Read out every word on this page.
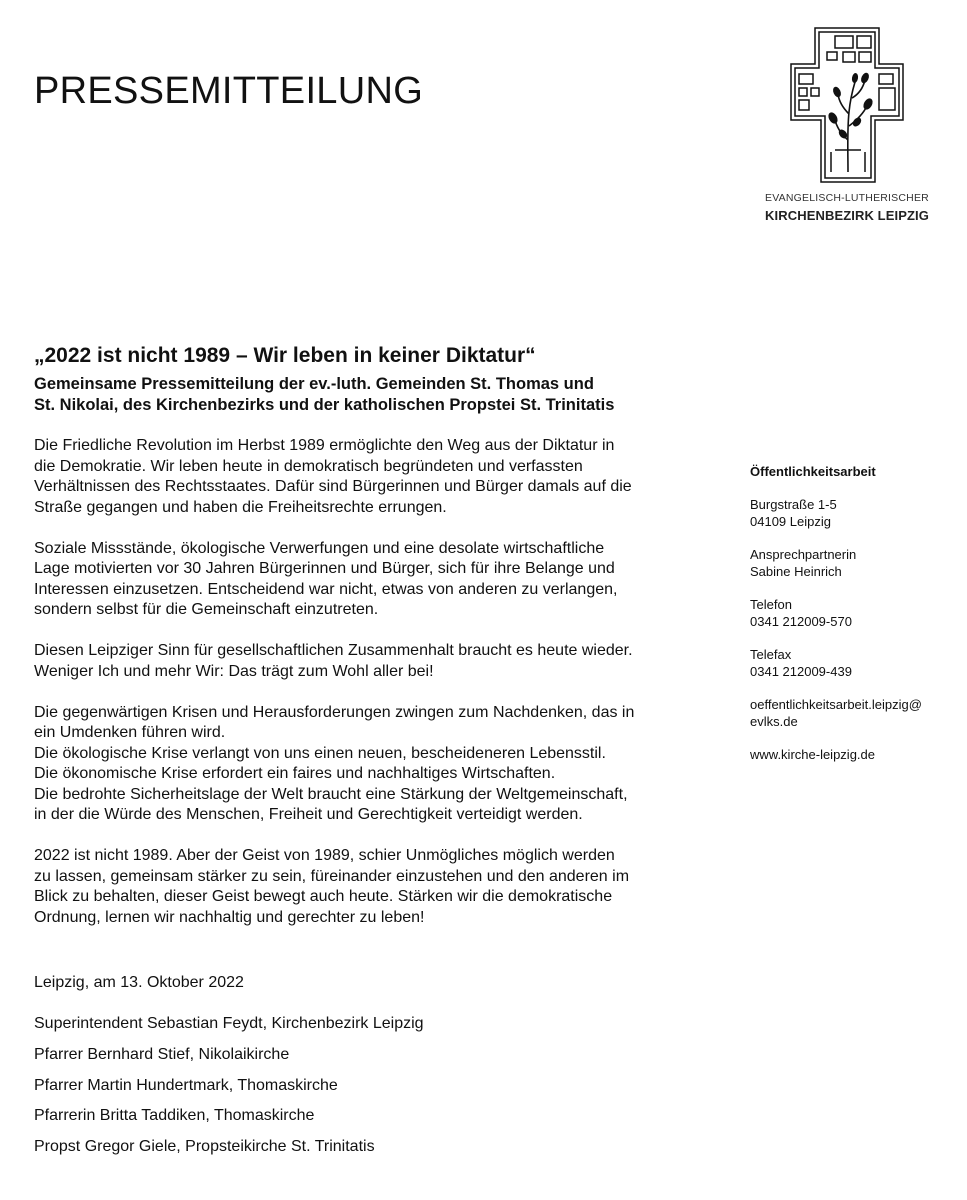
PRESSEMITTEILUNG
EVANGELISCH-LUTHERISCHER
KIRCHENBEZIRK LEIPZIG
„2022 ist nicht 1989 – Wir leben in keiner Diktatur“
Gemeinsame Pressemitteilung der ev.-luth. Gemeinden St. Thomas und
St. Nikolai, des Kirchenbezirks und der katholischen Propstei St. Trinitatis

Die Friedliche Revolution im Herbst 1989 ermöglichte den Weg aus der Diktatur in
die Demokratie. Wir leben heute in demokratisch begründeten und verfassten
Verhältnissen des Rechtsstaates. Dafür sind Bürgerinnen und Bürger damals auf die
Straße gegangen und haben die Freiheitsrechte errungen.

Soziale Missstände, ökologische Verwerfungen und eine desolate wirtschaftliche
Lage motivierten vor 30 Jahren Bürgerinnen und Bürger, sich für ihre Belange und
Interessen einzusetzen. Entscheidend war nicht, etwas von anderen zu verlangen,
sondern selbst für die Gemeinschaft einzutreten.

Diesen Leipziger Sinn für gesellschaftlichen Zusammenhalt braucht es heute wieder.
Weniger Ich und mehr Wir: Das trägt zum Wohl aller bei!

Die gegenwärtigen Krisen und Herausforderungen zwingen zum Nachdenken, das in
ein Umdenken führen wird.
Die ökologische Krise verlangt von uns einen neuen, bescheideneren Lebensstil.
Die ökonomische Krise erfordert ein faires und nachhaltiges Wirtschaften.
Die bedrohte Sicherheitslage der Welt braucht eine Stärkung der Weltgemeinschaft,
in der die Würde des Menschen, Freiheit und Gerechtigkeit verteidigt werden.

2022 ist nicht 1989. Aber der Geist von 1989, schier Unmögliches möglich werden
zu lassen, gemeinsam stärker zu sein, füreinander einzustehen und den anderen im
Blick zu behalten, dieser Geist bewegt auch heute. Stärken wir die demokratische
Ordnung, lernen wir nachhaltig und gerechter zu leben!

Öffentlichkeitsarbeit
Burgstraße 1-5
04109 Leipzig
Ansprechpartnerin
Sabine Heinrich
Telefon
0341 212009-570
Telefax
0341 212009-439
oeffentlichkeitsarbeit.leipzig@
evlks.de
www.kirche-leipzig.de
Leipzig, am 13. Oktober 2022
Superintendent Sebastian Feydt, Kirchenbezirk Leipzig
Pfarrer Bernhard Stief, Nikolaikirche
Pfarrer Martin Hundertmark, Thomaskirche
Pfarrerin Britta Taddiken, Thomaskirche
Propst Gregor Giele, Propsteikirche St. Trinitatis
